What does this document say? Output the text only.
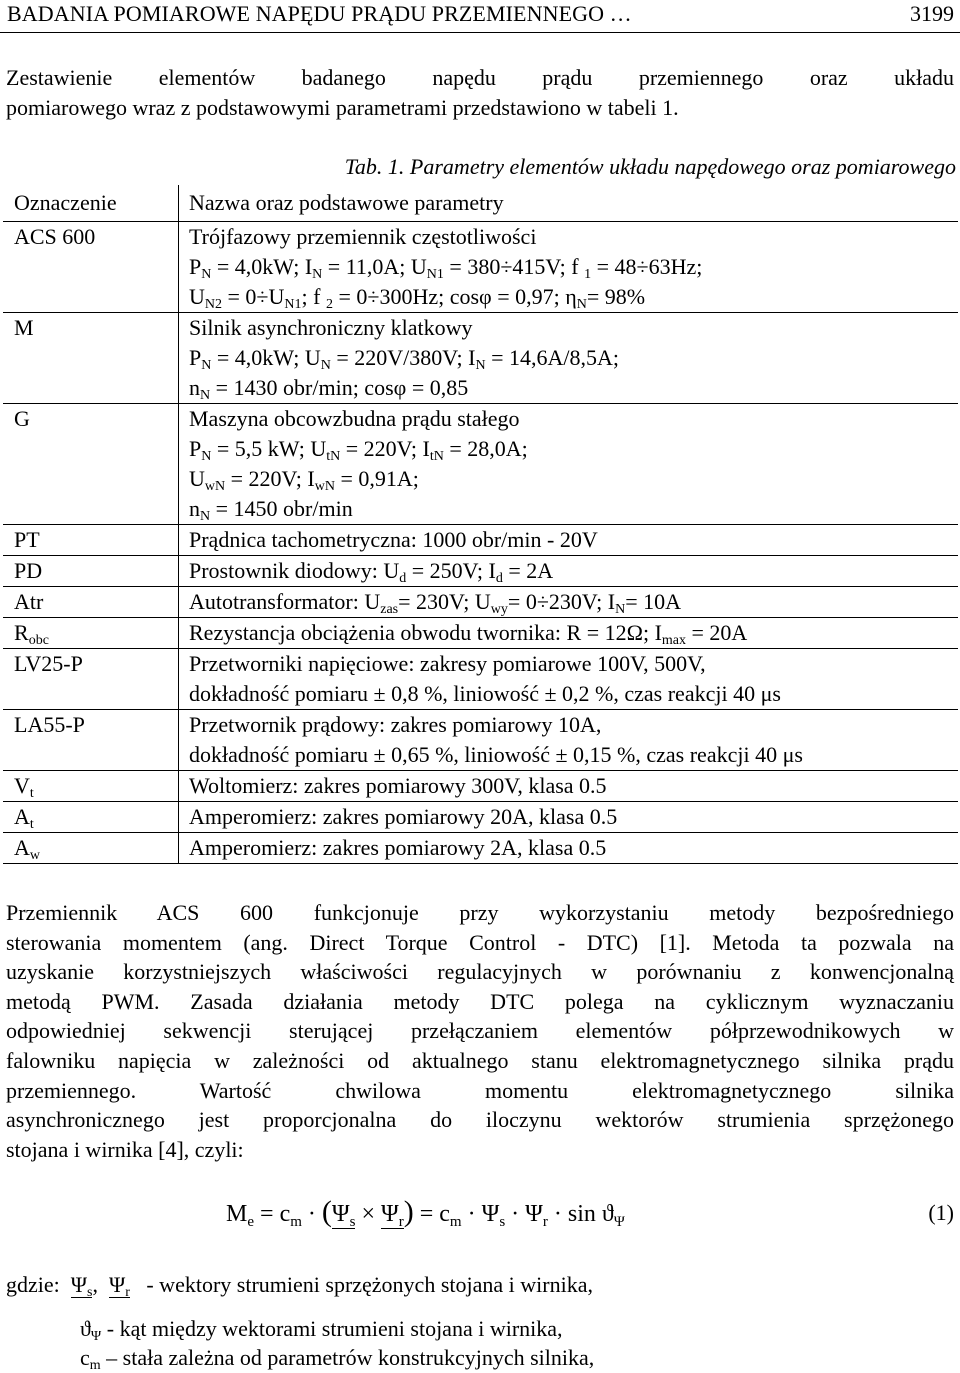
BADANIA POMIAROWE NAPĘDU PRĄDU PRZEMIENNEGO …	3199
Zestawienie elementów badanego napędu prądu przemiennego oraz układu
pomiarowego wraz z podstawowymi parametrami przedstawiono w tabeli 1.
Tab. 1. Parametry elementów układu napędowego oraz pomiarowego
Oznaczenie	Nazwa oraz podstawowe parametry
ACS 600	Trójfazowy przemiennik częstotliwości
$P_N = 4,0kW$; $I_N = 11,0A$; $U_{N1} = 380\div 415V$; f $_1$ = 48÷63Hz;
$U_{N2} = 0\div U_{N1}$; f $_2$ = 0÷300Hz; cosφ = 0,97; $\eta_N= 98\%$
M	Silnik asynchroniczny klatkowy
$P_N = 4,0kW$; $U_N = 220V/380V$; $I_N = 14,6A/8,5A$;
$n_N = 1430$ obr/min; cosφ = 0,85
G	Maszyna obcowzbudna prądu stałego
$P_N = 5,5$ kW; $U_{tN} = 220V$; $I_{tN} = 28,0A$;
$U_{wN} = 220V$; $I_{wN} = 0,91A$;
$n_N = 1450$ obr/min
PT	Prądnica tachometryczna: 1000 obr/min - 20V
PD	Prostownik diodowy: $U_d = 250V$; $I_d = 2A$
Atr	Autotransformator: $U_{zas}= 230V$; $U_{wy}= 0\div 230V$; $I_N= 10A$
$R_{obc}$	Rezystancja obciążenia obwodu twornika: R = 12Ω; $I_{max} = 20A$
LV25-P	Przetworniki napięciowe: zakresy pomiarowe 100V, 500V,
dokładność pomiaru ± 0,8 %, liniowość ± 0,2 %, czas reakcji 40 μs
LA55-P	Przetwornik prądowy: zakres pomiarowy 10A,
dokładność pomiaru ± 0,65 %, liniowość ± 0,15 %, czas reakcji 40 μs
$V_t$	Woltomierz: zakres pomiarowy 300V, klasa 0.5
$A_t$	Amperomierz: zakres pomiarowy 20A, klasa 0.5
$A_w$	Amperomierz: zakres pomiarowy 2A, klasa 0.5
Przemiennik ACS 600 funkcjonuje przy wykorzystaniu metody bezpośredniego
sterowania momentem (ang. Direct Torque Control - DTC) [1]. Metoda ta pozwala na
uzyskanie korzystniejszych właściwości regulacyjnych w porównaniu z konwencjonalną
metodą PWM. Zasada działania metody DTC polega na cyklicznym wyznaczaniu
odpowiedniej sekwencji sterującej przełączaniem elementów półprzewodnikowych w
falowniku napięcia w zależności od aktualnego stanu elektromagnetycznego silnika prądu
przemiennego. Wartość chwilowa momentu elektromagnetycznego silnika
asynchronicznego jest proporcjonalna do iloczynu wektorów strumienia sprzężonego
stojana i wirnika [4], czyli:
$M_e = c_m \cdot (\Psi_s \times \Psi_r) = c_m \cdot \Psi_s \cdot \Psi_r \cdot \sin ϑ_\Psi$	(1)
gdzie: $\Psi_s$, $\Psi_r$ - wektory strumieni sprzężonych stojana i wirnika,
$ϑ_\Psi$ - kąt między wektorami strumieni stojana i wirnika,
$c_m$ – stała zależna od parametrów konstrukcyjnych silnika,
